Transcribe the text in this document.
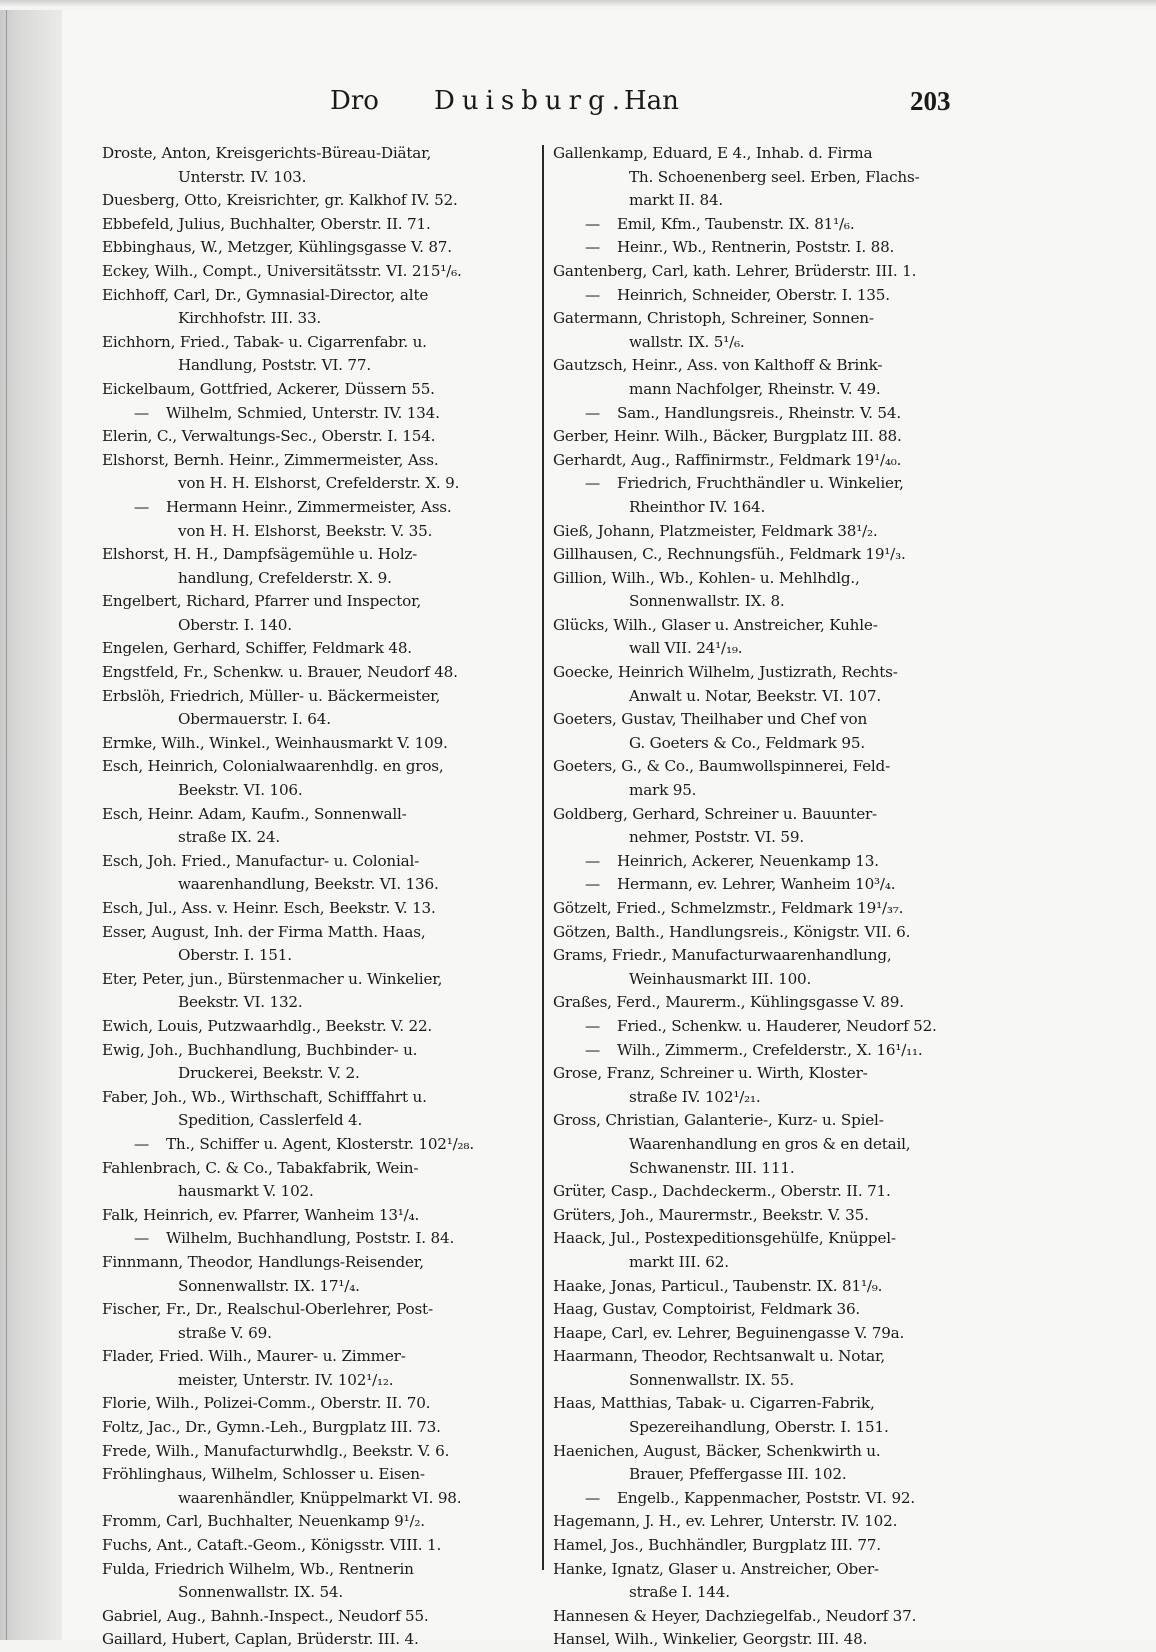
Dro Duisburg.
Han	203
Droste, Anton, Kreisgerichts-Büreau-Diätar,
Unterstr. IV. 103.
Duesberg, Otto, Kreisrichter, gr. Kalkhof IV. 52.
Ebbefeld, Julius, Buchhalter, Oberstr. II. 71.
Ebbinghaus, W., Metzger, Kühlingsgasse V. 87.
Eckey, Wilh., Compt., Universitätsstr. VI. 215¹/₆.
Eichhoff, Carl, Dr., Gymnasial-Director, alte
Kirchhofstr. III. 33.
Eichhorn, Fried., Tabak- u. Cigarrenfabr. u.
Handlung, Poststr. VI. 77.
Eickelbaum, Gottfried, Ackerer, Düssern 55.
— Wilhelm, Schmied, Unterstr. IV. 134.
Elerin, C., Verwaltungs-Sec., Oberstr. I. 154.
Elshorst, Bernh. Heinr., Zimmermeister, Ass.
von H. H. Elshorst, Crefelderstr. X. 9.
— Hermann Heinr., Zimmermeister, Ass.
von H. H. Elshorst, Beekstr. V. 35.
Elshorst, H. H., Dampfsägemühle u. Holz-
handlung, Crefelderstr. X. 9.
Engelbert, Richard, Pfarrer und Inspector,
Oberstr. I. 140.
Engelen, Gerhard, Schiffer, Feldmark 48.
Engstfeld, Fr., Schenkw. u. Brauer, Neudorf 48.
Erbslöh, Friedrich, Müller- u. Bäckermeister,
Obermauerstr. I. 64.
Ermke, Wilh., Winkel., Weinhausmarkt V. 109.
Esch, Heinrich, Colonialwaarenhdlg. en gros,
Beekstr. VI. 106.
Esch, Heinr. Adam, Kaufm., Sonnenwall-
straße IX. 24.
Esch, Joh. Fried., Manufactur- u. Colonial-
waarenhandlung, Beekstr. VI. 136.
Esch, Jul., Ass. v. Heinr. Esch, Beekstr. V. 13.
Esser, August, Inh. der Firma Matth. Haas,
Oberstr. I. 151.
Eter, Peter, jun., Bürstenmacher u. Winkelier,
Beekstr. VI. 132.
Ewich, Louis, Putzwaarhdlg., Beekstr. V. 22.
Ewig, Joh., Buchhandlung, Buchbinder- u.
Druckerei, Beekstr. V. 2.
Faber, Joh., Wb., Wirthschaft, Schifffahrt u.
Spedition, Casslerfeld 4.
— Th., Schiffer u. Agent, Klosterstr. 102¹/₂₈.
Fahlenbrach, C. & Co., Tabakfabrik, Wein-
hausmarkt V. 102.
Falk, Heinrich, ev. Pfarrer, Wanheim 13¹/₄.
— Wilhelm, Buchhandlung, Poststr. I. 84.
Finnmann, Theodor, Handlungs-Reisender,
Sonnenwallstr. IX. 17¹/₄.
Fischer, Fr., Dr., Realschul-Oberlehrer, Post-
straße V. 69.
Flader, Fried. Wilh., Maurer- u. Zimmer-
meister, Unterstr. IV. 102¹/₁₂.
Florie, Wilh., Polizei-Comm., Oberstr. II. 70.
Foltz, Jac., Dr., Gymn.-Leh., Burgplatz III. 73.
Frede, Wilh., Manufacturwhdlg., Beekstr. V. 6.
Fröhlinghaus, Wilhelm, Schlosser u. Eisen-
waarenhändler, Knüppelmarkt VI. 98.
Fromm, Carl, Buchhalter, Neuenkamp 9¹/₂.
Fuchs, Ant., Cataft.-Geom., Königsstr. VIII. 1.
Fulda, Friedrich Wilhelm, Wb., Rentnerin
Sonnenwallstr. IX. 54.
Gabriel, Aug., Bahnh.-Inspect., Neudorf 55.
Gaillard, Hubert, Caplan, Brüderstr. III. 4.
Gallenkamp, Eduard, E 4., Inhab. d. Firma
Th. Schoenenberg seel. Erben, Flachs-
markt II. 84.
— Emil, Kfm., Taubenstr. IX. 81¹/₆.
— Heinr., Wb., Rentnerin, Poststr. I. 88.
Gantenberg, Carl, kath. Lehrer, Brüderstr. III. 1.
— Heinrich, Schneider, Oberstr. I. 135.
Gatermann, Christoph, Schreiner, Sonnen-
wallstr. IX. 5¹/₆.
Gautzsch, Heinr., Ass. von Kalthoff & Brink-
mann Nachfolger, Rheinstr. V. 49.
— Sam., Handlungsreis., Rheinstr. V. 54.
Gerber, Heinr. Wilh., Bäcker, Burgplatz III. 88.
Gerhardt, Aug., Raffinirmstr., Feldmark 19¹/₄₀.
— Friedrich, Fruchthändler u. Winkelier,
Rheinthor IV. 164.
Gieß, Johann, Platzmeister, Feldmark 38¹/₂.
Gillhausen, C., Rechnungsfüh., Feldmark 19¹/₃.
Gillion, Wilh., Wb., Kohlen- u. Mehlhdlg.,
Sonnenwallstr. IX. 8.
Glücks, Wilh., Glaser u. Anstreicher, Kuhle-
wall VII. 24¹/₁₉.
Goecke, Heinrich Wilhelm, Justizrath, Rechts-
Anwalt u. Notar, Beekstr. VI. 107.
Goeters, Gustav, Theilhaber und Chef von
G. Goeters & Co., Feldmark 95.
Goeters, G., & Co., Baumwollspinnerei, Feld-
mark 95.
Goldberg, Gerhard, Schreiner u. Bauunter-
nehmer, Poststr. VI. 59.
— Heinrich, Ackerer, Neuenkamp 13.
— Hermann, ev. Lehrer, Wanheim 10³/₄.
Götzelt, Fried., Schmelzmstr., Feldmark 19¹/₃₇.
Götzen, Balth., Handlungsreis., Königstr. VII. 6.
Grams, Friedr., Manufacturwaarenhandlung,
Weinhausmarkt III. 100.
Graßes, Ferd., Maurerm., Kühlingsgasse V. 89.
— Fried., Schenkw. u. Hauderer, Neudorf 52.
— Wilh., Zimmerm., Crefelderstr., X. 16¹/₁₁.
Grose, Franz, Schreiner u. Wirth, Kloster-
straße IV. 102¹/₂₁.
Gross, Christian, Galanterie-, Kurz- u. Spiel-
Waarenhandlung en gros & en detail,
Schwanenstr. III. 111.
Grüter, Casp., Dachdeckerm., Oberstr. II. 71.
Grüters, Joh., Maurermstr., Beekstr. V. 35.
Haack, Jul., Postexpeditionsgehülfe, Knüppel-
markt III. 62.
Haake, Jonas, Particul., Taubenstr. IX. 81¹/₉.
Haag, Gustav, Comptoirist, Feldmark 36.
Haape, Carl, ev. Lehrer, Beguinengasse V. 79a.
Haarmann, Theodor, Rechtsanwalt u. Notar,
Sonnenwallstr. IX. 55.
Haas, Matthias, Tabak- u. Cigarren-Fabrik,
Spezereihandlung, Oberstr. I. 151.
Haenichen, August, Bäcker, Schenkwirth u.
Brauer, Pfeffergasse III. 102.
— Engelb., Kappenmacher, Poststr. VI. 92.
Hagemann, J. H., ev. Lehrer, Unterstr. IV. 102.
Hamel, Jos., Buchhändler, Burgplatz III. 77.
Hanke, Ignatz, Glaser u. Anstreicher, Ober-
straße I. 144.
Hannesen & Heyer, Dachziegelfab., Neudorf 37.
Hansel, Wilh., Winkelier, Georgstr. III. 48.
